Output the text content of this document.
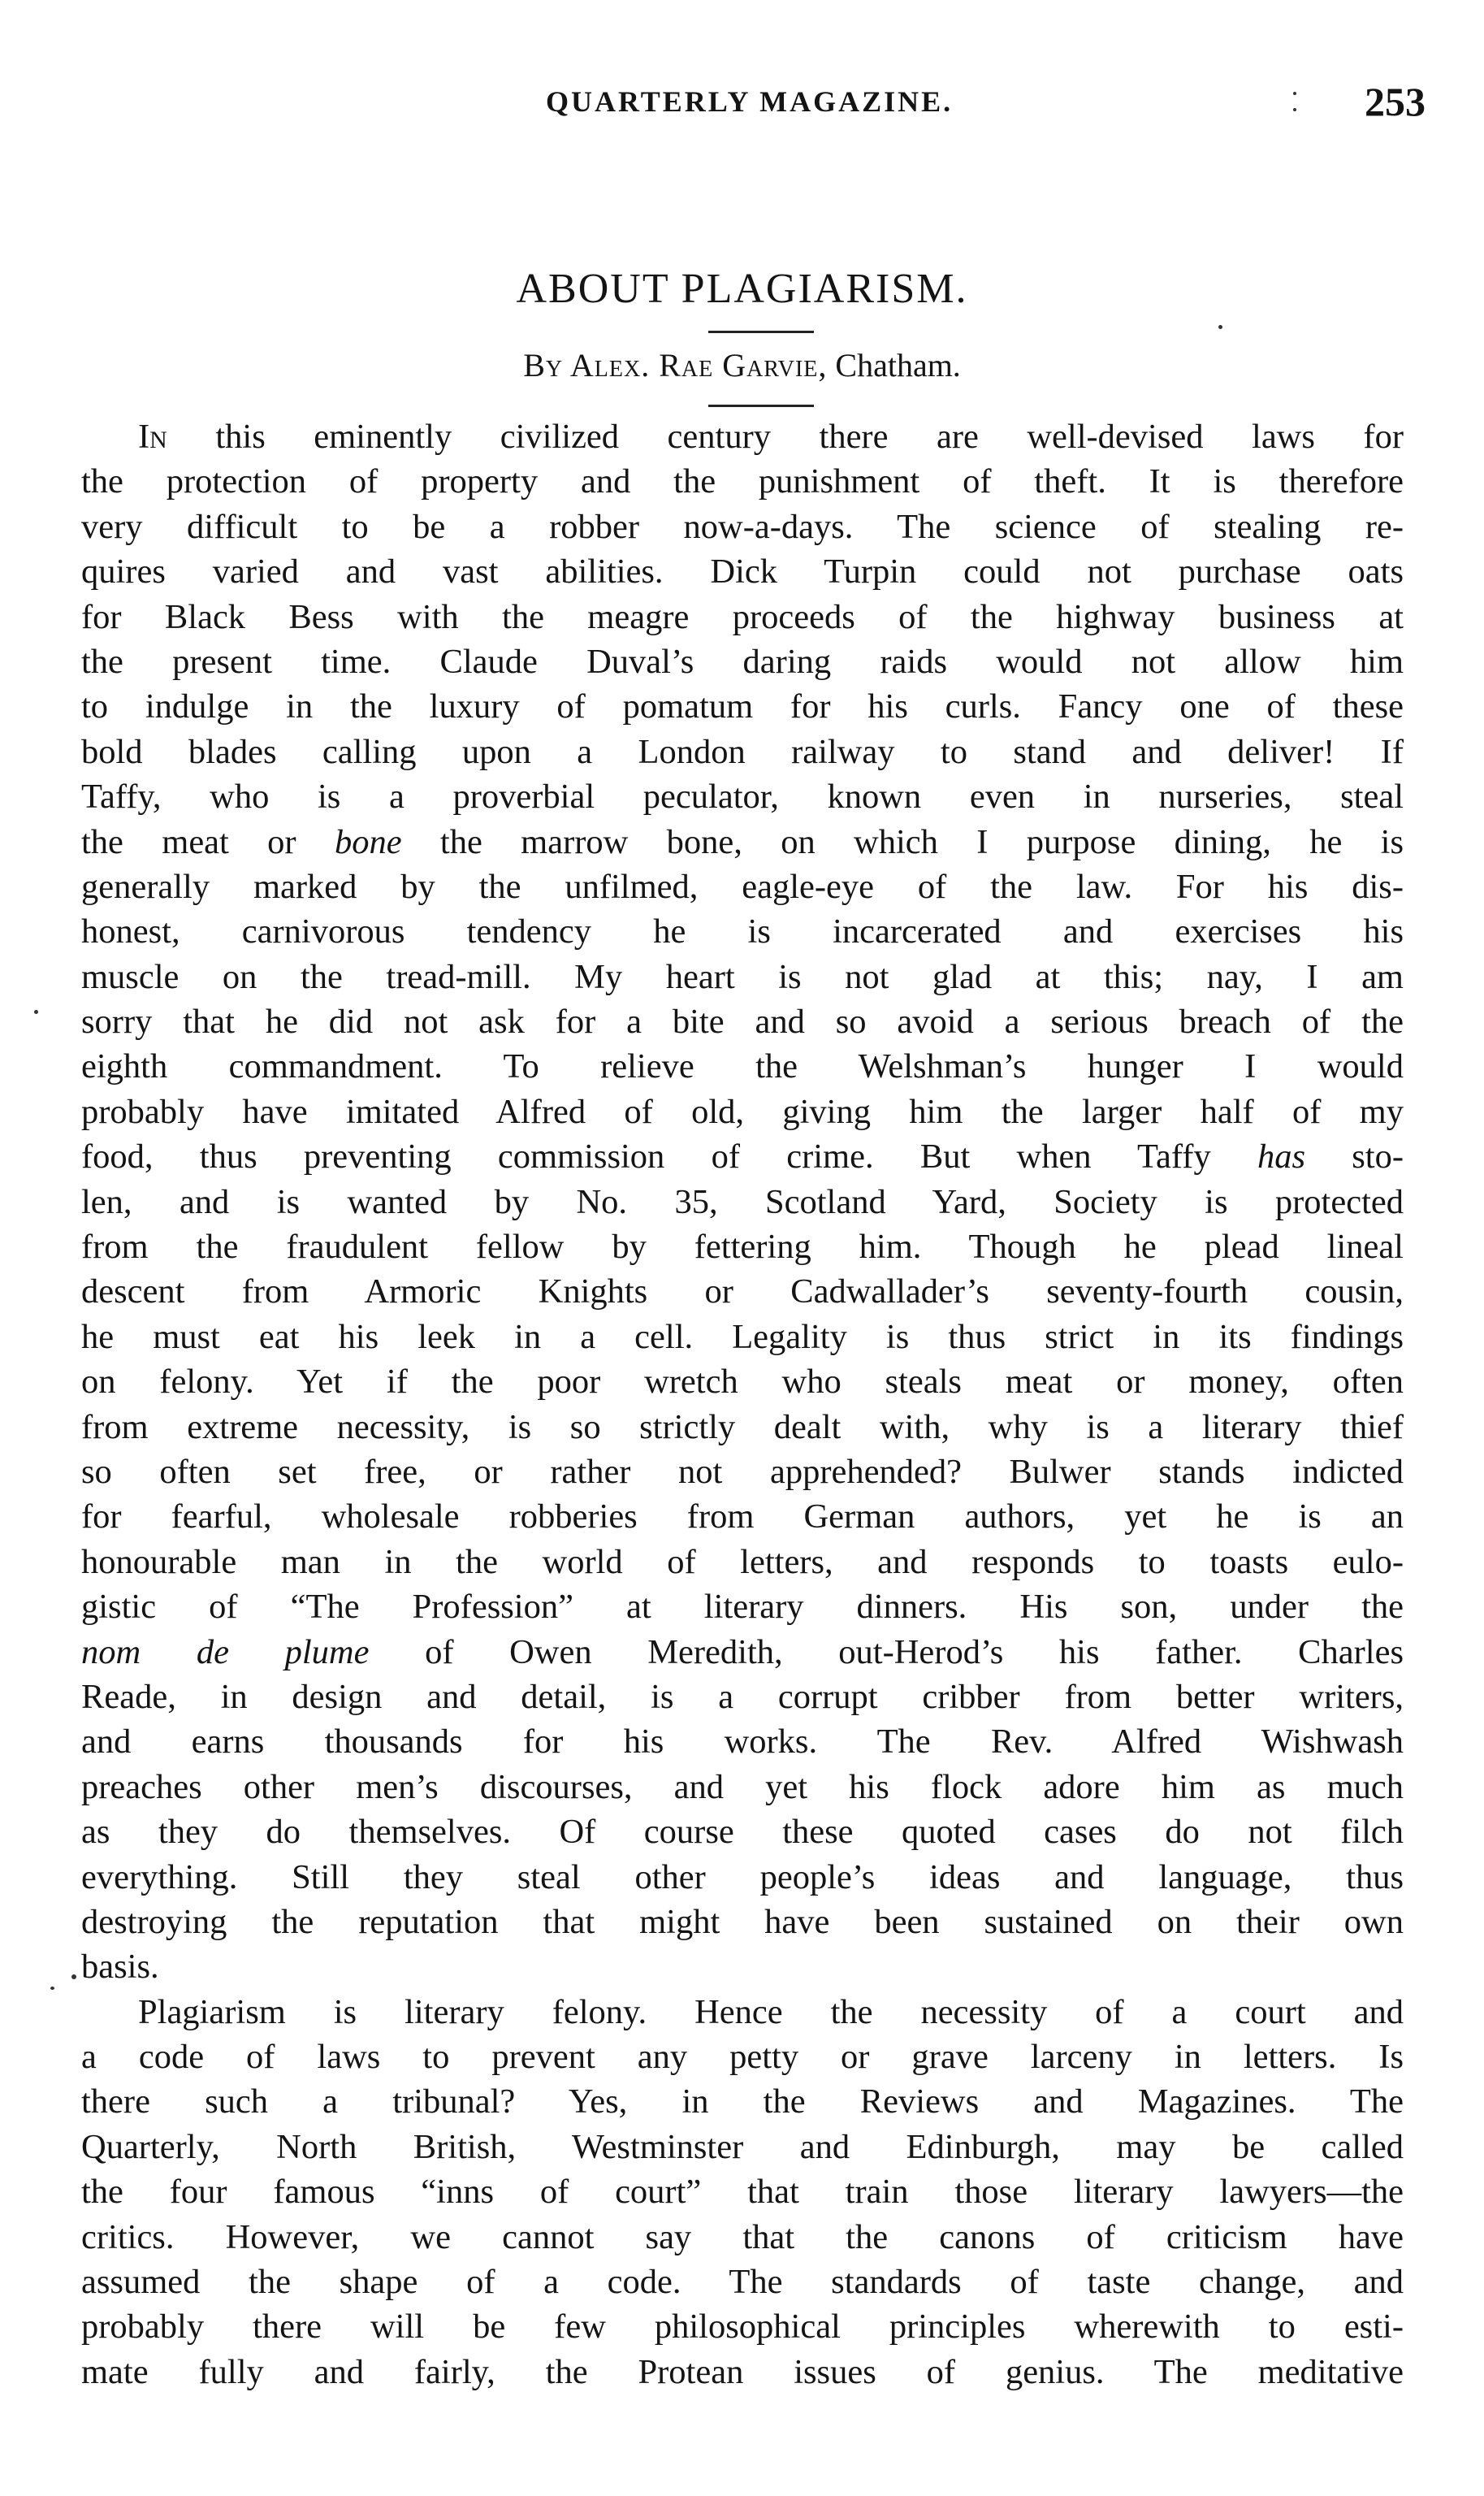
QUARTERLY MAGAZINE.	253
ABOUT PLAGIARISM.
By Alex. Rae Garvie, Chatham.
In this eminently civilized century there are well-devised laws for
the protection of property and the punishment of theft. It is therefore
very difficult to be a robber now-a-days. The science of stealing re-
quires varied and vast abilities. Dick Turpin could not purchase oats
for Black Bess with the meagre proceeds of the highway business at
the present time. Claude Duval’s daring raids would not allow him
to indulge in the luxury of pomatum for his curls. Fancy one of these
bold blades calling upon a London railway to stand and deliver! If
Taffy, who is a proverbial peculator, known even in nurseries, steal
the meat or bone the marrow bone, on which I purpose dining, he is
generally marked by the unfilmed, eagle-eye of the law. For his dis-
honest, carnivorous tendency he is incarcerated and exercises his
muscle on the tread-mill. My heart is not glad at this; nay, I am
sorry that he did not ask for a bite and so avoid a serious breach of the
eighth commandment. To relieve the Welshman’s hunger I would
probably have imitated Alfred of old, giving him the larger half of my
food, thus preventing commission of crime. But when Taffy has sto-
len, and is wanted by No. 35, Scotland Yard, Society is protected
from the fraudulent fellow by fettering him. Though he plead lineal
descent from Armoric Knights or Cadwallader’s seventy-fourth cousin,
he must eat his leek in a cell. Legality is thus strict in its findings
on felony. Yet if the poor wretch who steals meat or money, often
from extreme necessity, is so strictly dealt with, why is a literary thief
so often set free, or rather not apprehended? Bulwer stands indicted
for fearful, wholesale robberies from German authors, yet he is an
honourable man in the world of letters, and responds to toasts eulo-
gistic of “The Profession” at literary dinners. His son, under the
nom de plume of Owen Meredith, out-Herod’s his father. Charles
Reade, in design and detail, is a corrupt cribber from better writers,
and earns thousands for his works. The Rev. Alfred Wishwash
preaches other men’s discourses, and yet his flock adore him as much
as they do themselves. Of course these quoted cases do not filch
everything. Still they steal other people’s ideas and language, thus
destroying the reputation that might have been sustained on their own
basis.
Plagiarism is literary felony. Hence the necessity of a court and
a code of laws to prevent any petty or grave larceny in letters. Is
there such a tribunal? Yes, in the Reviews and Magazines. The
Quarterly, North British, Westminster and Edinburgh, may be called
the four famous “inns of court” that train those literary lawyers—the
critics. However, we cannot say that the canons of criticism have
assumed the shape of a code. The standards of taste change, and
probably there will be few philosophical principles wherewith to esti-
mate fully and fairly, the Protean issues of genius. The meditative
